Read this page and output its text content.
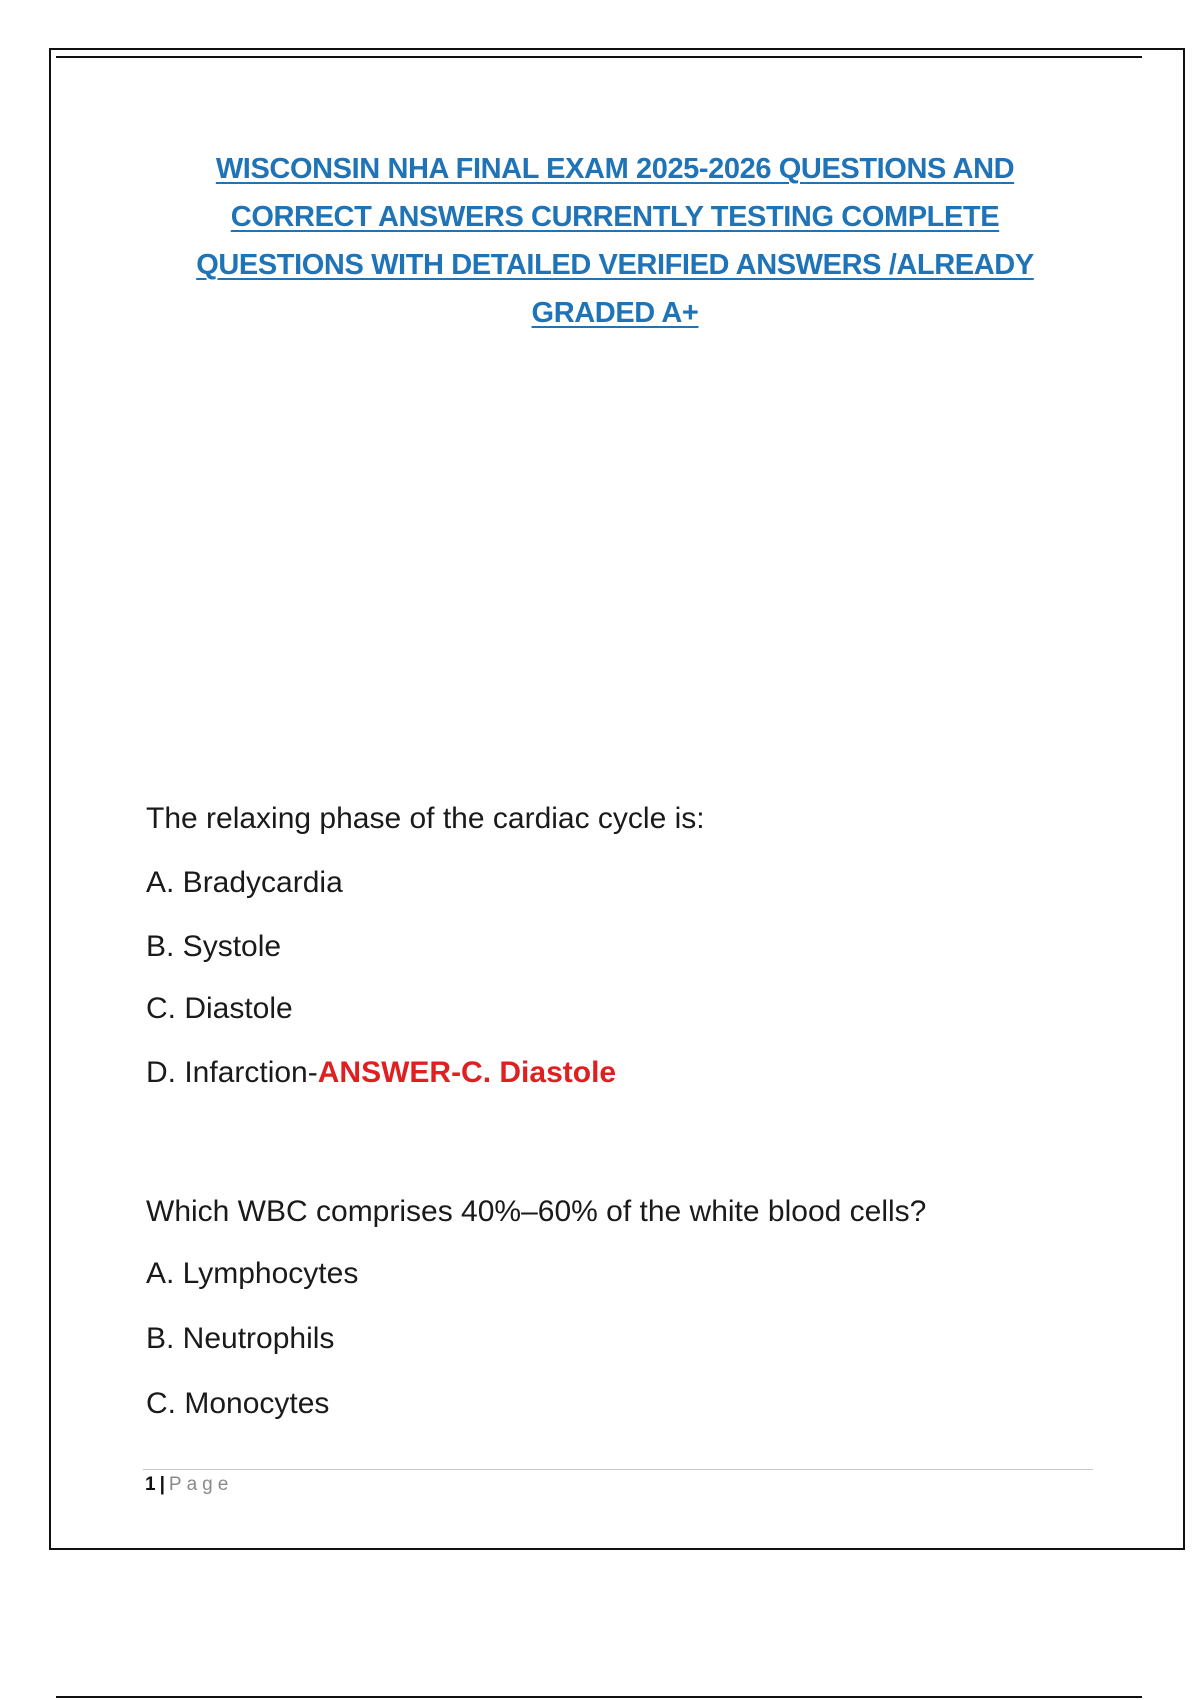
WISCONSIN NHA FINAL EXAM 2025-2026 QUESTIONS AND
CORRECT ANSWERS CURRENTLY TESTING COMPLETE
QUESTIONS WITH DETAILED VERIFIED ANSWERS /ALREADY
GRADED A+
The relaxing phase of the cardiac cycle is:
A. Bradycardia
B. Systole
C. Diastole
D. Infarction-ANSWER-C. Diastole
Which WBC comprises 40%–60% of the white blood cells?
A. Lymphocytes
B. Neutrophils
C. Monocytes
1 | Page
